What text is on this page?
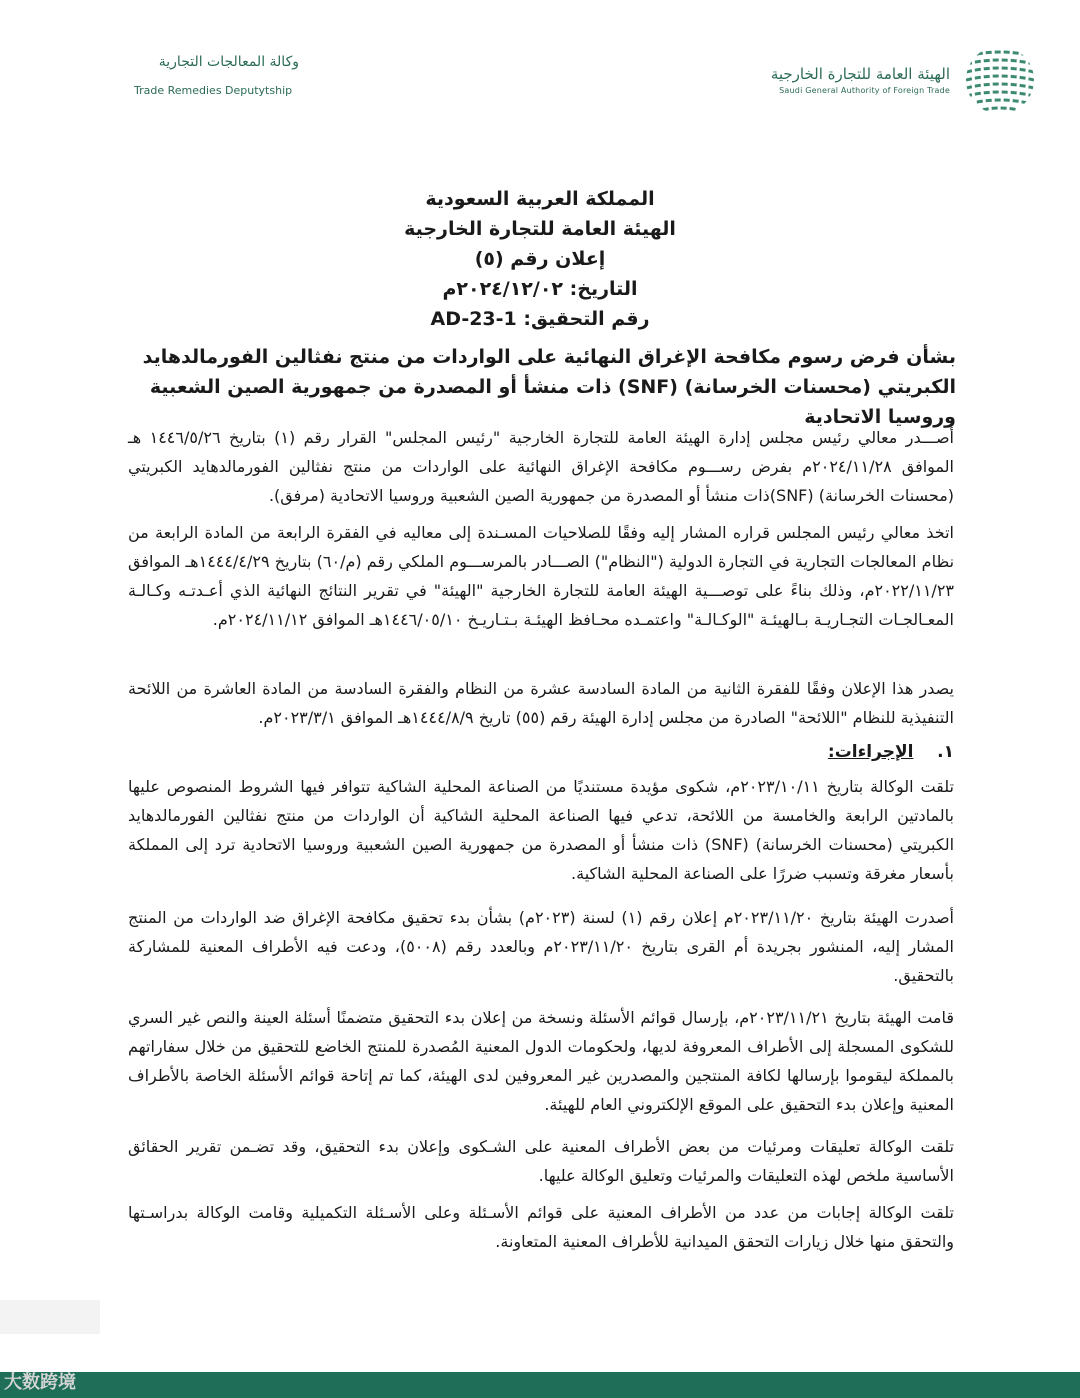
الهيئة العامة للتجارة الخارجية
Saudi General Authority of Foreign Trade
وكالة المعالجات التجارية
Trade Remedies Deputytship
المملكة العربية السعودية
الهيئة العامة للتجارة الخارجية
إعلان رقم (٥)
التاريخ: ٢٠٢٤/١٢/٠٢م
رقم التحقيق: AD-23-1
بشأن فرض رسوم مكافحة الإغراق النهائية على الواردات من منتج نفثالين الفورمالدهايد الكبريتي (محسنات الخرسانة) (SNF) ذات منشأ أو المصدرة من جمهورية الصين الشعبية وروسيا الاتحادية
أصـــدر معالي رئيس مجلس إدارة الهيئة العامة للتجارة الخارجية "رئيس المجلس" القرار رقم (١) بتاريخ ١٤٤٦/٥/٢٦ هـ الموافق ٢٠٢٤/١١/٢٨م بفرض رســـوم مكافحة الإغراق النهائية على الواردات من منتج نفثالين الفورمالدهايد الكبريتي (محسنات الخرسانة) (SNF)ذات منشأ أو المصدرة من جمهورية الصين الشعبية وروسيا الاتحادية (مرفق).
اتخذ معالي رئيس المجلس قراره المشار إليه وفقًا للصلاحيات المسـندة إلى معاليه في الفقرة الرابعة من المادة الرابعة من نظام المعالجات التجارية في التجارة الدولية ("النظام") الصـــادر بالمرســـوم الملكي رقم (م/٦٠) بتاريخ ١٤٤٤/٤/٢٩هـ الموافق ٢٠٢٢/١١/٢٣م، وذلك بناءً على توصـــية الهيئة العامة للتجارة الخارجية "الهيئة" في تقرير النتائج النهائية الذي أعـدتـه وكـالـة المعـالجـات التجـاريـة بـالهيئـة "الوكـالـة" واعتمـده محـافظ الهيئـة بـتـاريـخ ١٤٤٦/٠٥/١٠هـ الموافق ٢٠٢٤/١١/١٢م.
يصدر هذا الإعلان وفقًا للفقرة الثانية من المادة السادسة عشرة من النظام والفقرة السادسة من المادة العاشرة من اللائحة التنفيذية للنظام "اللائحة" الصادرة من مجلس إدارة الهيئة رقم (٥٥) تاريخ ١٤٤٤/٨/٩هـ الموافق ٢٠٢٣/٣/١م.
١.    الإجراءات:
تلقت الوكالة بتاريخ ٢٠٢٣/١٠/١١م، شكوى مؤيدة مستنديًا من الصناعة المحلية الشاكية تتوافر فيها الشروط المنصوص عليها بالمادتين الرابعة والخامسة من اللائحة، تدعي فيها الصناعة المحلية الشاكية أن الواردات من منتج نفثالين الفورمالدهايد الكبريتي (محسنات الخرسانة) (SNF) ذات منشأ أو المصدرة من جمهورية الصين الشعبية وروسيا الاتحادية ترد إلى المملكة بأسعار مغرقة وتسبب ضررًا على الصناعة المحلية الشاكية.
أصدرت الهيئة بتاريخ ٢٠٢٣/١١/٢٠م إعلان رقم (١) لسنة (٢٠٢٣م) بشأن بدء تحقيق مكافحة الإغراق ضد الواردات من المنتج المشار إليه، المنشور بجريدة أم القرى بتاريخ ٢٠٢٣/١١/٢٠م وبالعدد رقم (٥٠٠٨)، ودعت فيه الأطراف المعنية للمشاركة بالتحقيق.
قامت الهيئة بتاريخ ٢٠٢٣/١١/٢١م، بإرسال قوائم الأسئلة ونسخة من إعلان بدء التحقيق متضمنًا أسئلة العينة والنص غير السري للشكوى المسجلة إلى الأطراف المعروفة لديها، ولحكومات الدول المعنية المُصدرة للمنتج الخاضع للتحقيق من خلال سفاراتهم بالمملكة ليقوموا بإرسالها لكافة المنتجين والمصدرين غير المعروفين لدى الهيئة، كما تم إتاحة قوائم الأسئلة الخاصة بالأطراف المعنية وإعلان بدء التحقيق على الموقع الإلكتروني العام للهيئة.
تلقت الوكالة تعليقات ومرئيات من بعض الأطراف المعنية على الشـكوى وإعلان بدء التحقيق، وقد تضـمن تقرير الحقائق الأساسية ملخص لهذه التعليقات والمرئيات وتعليق الوكالة عليها.
تلقت الوكالة إجابات من عدد من الأطراف المعنية على قوائم الأسـئلة وعلى الأسـئلة التكميلية وقامت الوكالة بدراسـتها والتحقق منها خلال زيارات التحقق الميدانية للأطراف المعنية المتعاونة.
大数跨境
